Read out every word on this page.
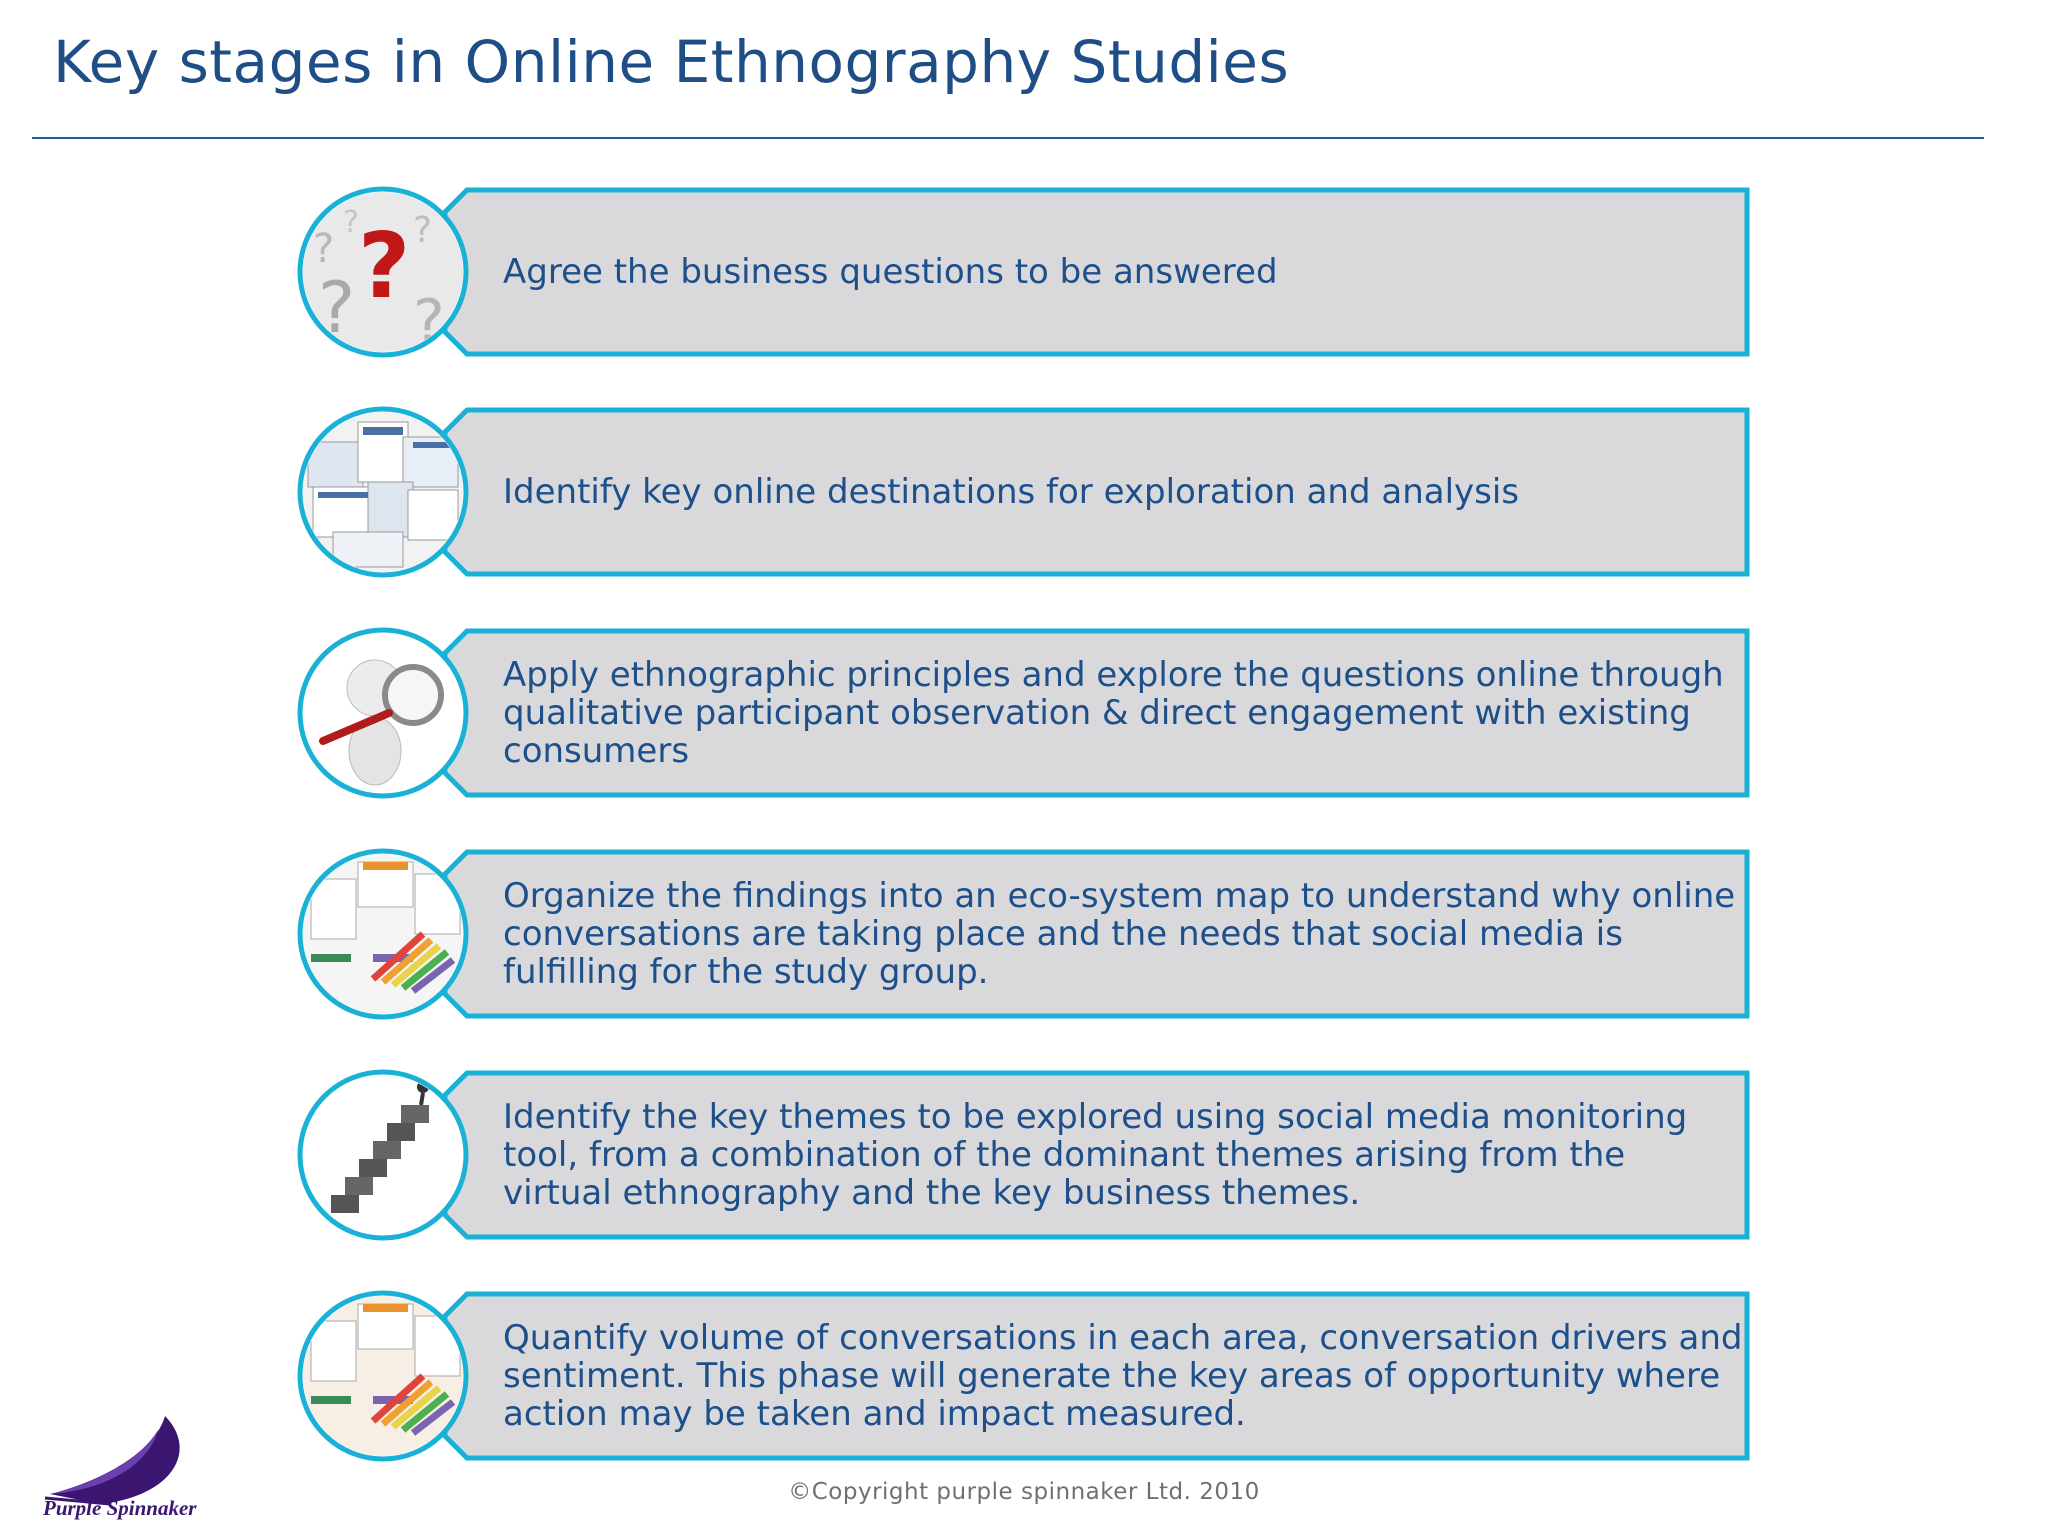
Key stages in Online Ethnography Studies
?
? ?
? ?
?	Agree the business questions to be answered
Identify key online destinations for exploration and analysis
Apply ethnographic principles and explore the questions online through qualitative participant observation & direct engagement with existing consumers
Organize the findings into an eco-system map to understand why online conversations are taking place and the needs that social media is fulfilling for the study group.
Identify the key themes to be explored using social media monitoring tool, from a combination of the dominant themes arising from the virtual ethnography and the key business themes.
Quantify volume of conversations in each area, conversation drivers and sentiment. This phase will generate the key areas of opportunity where action may be taken and impact measured.
Purple Spinnaker
©Copyright purple spinnaker Ltd. 2010
